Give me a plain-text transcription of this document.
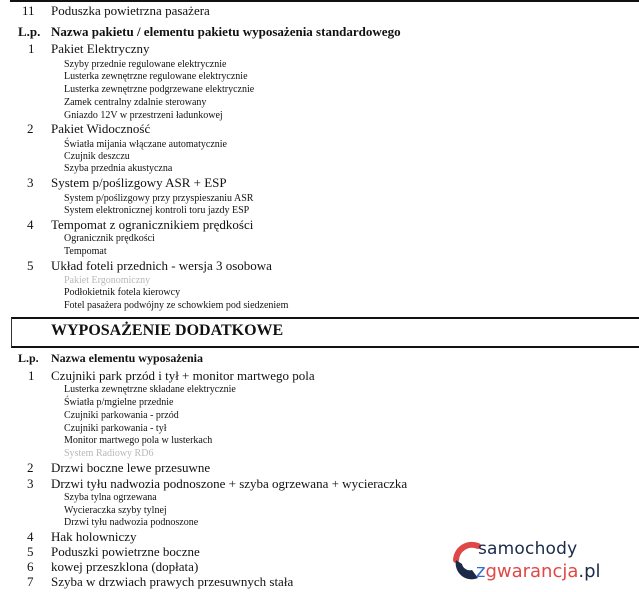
11 Poduszka powietrzna pasażera
L.p. Nazwa pakietu / elementu pakietu wyposażenia standardowego
1 Pakiet Elektryczny
Szyby przednie regulowane elektrycznie
Lusterka zewnętrzne regulowane elektrycznie
Lusterka zewnętrzne podgrzewane elektrycznie
Zamek centralny zdalnie sterowany
Gniazdo 12V w przestrzeni ładunkowej
2 Pakiet Widoczność
Światła mijania włączane automatycznie
Czujnik deszczu
Szyba przednia akustyczna
3 System p/poślizgowy ASR + ESP
System p/poślizgowy przy przyspieszaniu ASR
System elektronicznej kontroli toru jazdy ESP
4 Tempomat z ogranicznikiem prędkości
Ogranicznik prędkości
Tempomat
5 Układ foteli przednich - wersja 3 osobowa
Pakiet Ergonomiczny
Podłokietnik fotela kierowcy
Fotel pasażera podwójny ze schowkiem pod siedzeniem
WYPOSAŻENIE DODATKOWE
L.p. Nazwa elementu wyposażenia
1 Czujniki park przód i tył + monitor martwego pola
Lusterka zewnętrzne składane elektrycznie
Światła p/mgielne przednie
Czujniki parkowania - przód
Czujniki parkowania - tył
Monitor martwego pola w lusterkach
System Radiowy RD6
2 Drzwi boczne lewe przesuwne
3 Drzwi tyłu nadwozia podnoszone + szyba ogrzewana + wycieraczka
Szyba tylna ogrzewana
Wycieraczka szyby tylnej
Drzwi tyłu nadwozia podnoszone
4 Hak holowniczy
5 Poduszki powietrzne boczne
6 kowej przeszklona (dopłata)
7 Szyba w drzwiach prawych przesuwnych stała
samochody
zgwarancja.pl
